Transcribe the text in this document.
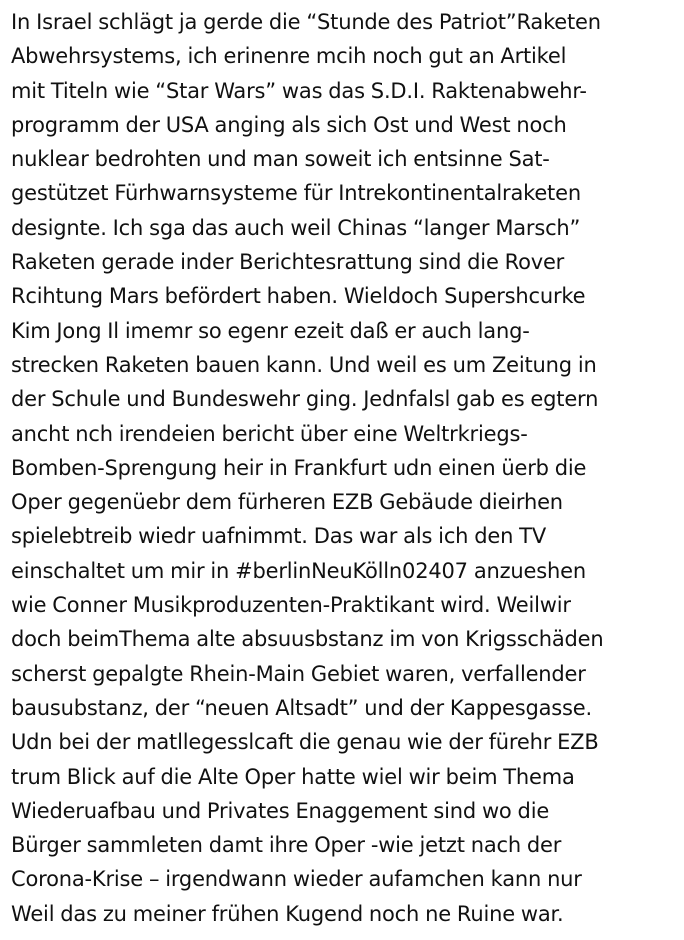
In Israel schlägt ja gerde die “Stunde des Patriot”Raketen
Abwehrsystems, ich erinenre mcih noch gut an Artikel
mit Titeln wie “Star Wars” was das S.D.I. Raktenabwehr-
programm der USA anging als sich Ost und West noch
nuklear bedrohten und man soweit ich entsinne Sat-
gestützet Fürhwarnsysteme für Intrekontinentalraketen
designte. Ich sga das auch weil Chinas “langer Marsch”
Raketen gerade inder Berichtesrattung sind die Rover
Rcihtung Mars befördert haben. Wieldoch Supershcurke
Kim Jong Il imemr so egenr ezeit daß er auch lang-
strecken Raketen bauen kann. Und weil es um Zeitung in
der Schule und Bundeswehr ging. Jednfalsl gab es egtern
ancht nch irendeien bericht über eine Weltrkriegs-
Bomben-Sprengung heir in Frankfurt udn einen üerb die
Oper gegenüebr dem fürheren EZB Gebäude dieirhen
spielebtreib wiedr uafnimmt. Das war als ich den TV
einschaltet um mir in #berlinNeuKölln02407 anzueshen
wie Conner Musikproduzenten-Praktikant wird. Weilwir
doch beimThema alte absuusbstanz im von Krigsschäden
scherst gepalgte Rhein-Main Gebiet waren, verfallender
bausubstanz, der “neuen Altsadt” und der Kappesgasse.
Udn bei der matllegesslcaft die genau wie der fürehr EZB
trum Blick auf die Alte Oper hatte wiel wir beim Thema
Wiederuafbau und Privates Enaggement sind wo die
Bürger sammleten damt ihre Oper -wie jetzt nach der
Corona-Krise – irgendwann wieder aufamchen kann nur
Weil das zu meiner frühen Kugend noch ne Ruine war.
